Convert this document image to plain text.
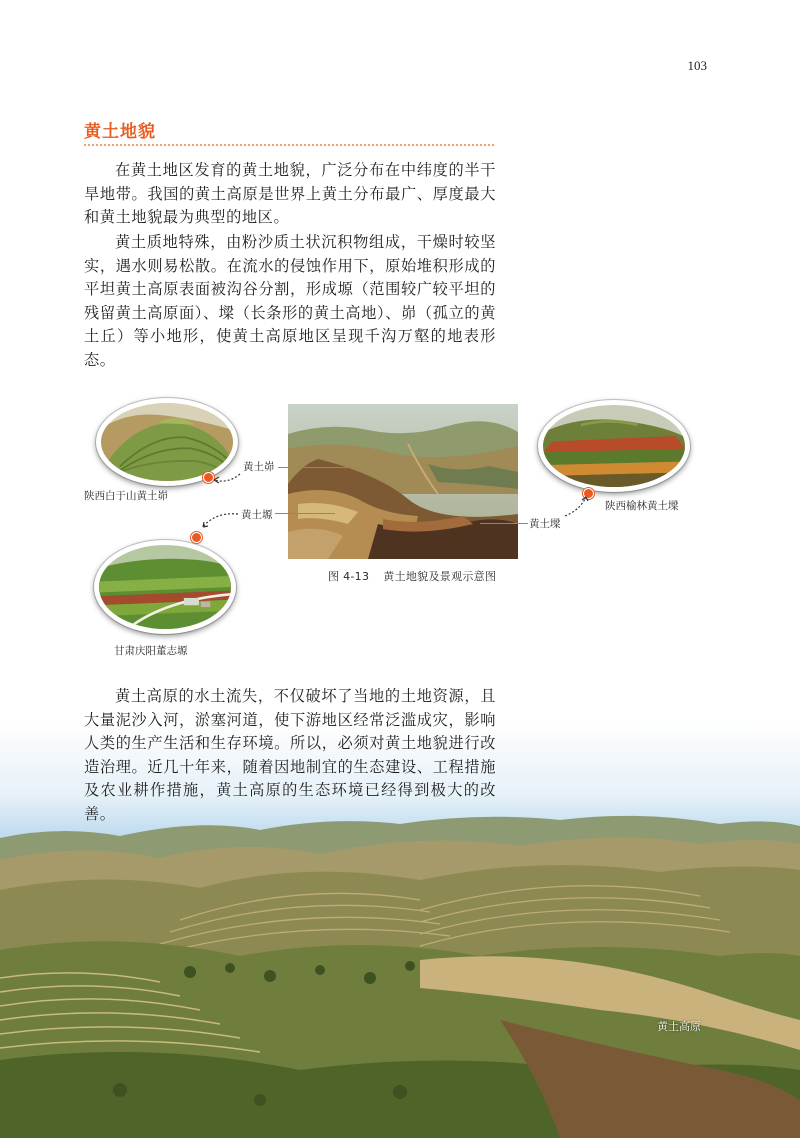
103
黄土地貌

在黄土地区发育的黄土地貌，广泛分布在中纬度的半干旱地带。我国的黄土高原是世界上黄土分布最广、厚度最大和黄土地貌最为典型的地区。

黄土质地特殊，由粉沙质土状沉积物组成，干燥时较坚实，遇水则易松散。在流水的侵蚀作用下，原始堆积形成的平坦黄土高原表面被沟谷分割，形成塬（范围较广较平坦的残留黄土高原面）、墚（长条形的黄土高地）、峁（孤立的黄土丘）等小地形，使黄土高原地区呈现千沟万壑的地表形态。

黄土峁
黄土塬
黄土墚
陕西白于山黄土峁
陕西榆林黄土墚
甘肃庆阳董志塬
图 4-13 黄土地貌及景观示意图
黄土高原

黄土高原的水土流失，不仅破坏了当地的土地资源，且大量泥沙入河，淤塞河道，使下游地区经常泛滥成灾，影响人类的生产生活和生存环境。所以，必须对黄土地貌进行改造治理。近几十年来，随着因地制宜的生态建设、工程措施及农业耕作措施，黄土高原的生态环境已经得到极大的改善。
